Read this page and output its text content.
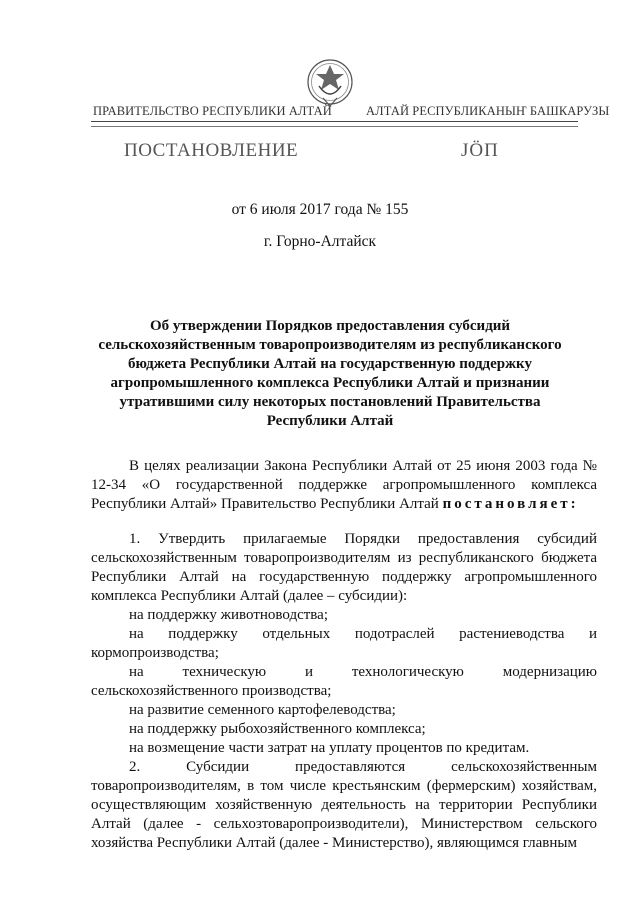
ПРАВИТЕЛЬСТВО РЕСПУБЛИКИ АЛТАЙ	АЛТАЙ РЕСПУБЛИКАНЫҤ БАШКАРУЗЫ
ПОСТАНОВЛЕНИЕ	JӦП
от 6 июля 2017 года № 155
г. Горно-Алтайск
Об утверждении Порядков предоставления субсидий сельскохозяйственным товаропроизводителям из республиканского бюджета Республики Алтай на государственную поддержку агропромышленного комплекса Республики Алтай и признании утратившими силу некоторых постановлений Правительства Республики Алтай

В целях реализации Закона Республики Алтай от 25 июня 2003 года № 12-34 «О государственной поддержке агропромышленного комплекса Республики Алтай» Правительство Республики Алтай постановляет:

1. Утвердить прилагаемые Порядки предоставления субсидий сельскохозяйственным товаропроизводителям из республиканского бюджета Республики Алтай на государственную поддержку агропромышленного комплекса Республики Алтай (далее – субсидии):

на поддержку животноводства;

на поддержку отдельных подотраслей растениеводства и кормопроизводства;

на техническую и технологическую модернизацию сельскохозяйственного производства;

на развитие семенного картофелеводства;

на поддержку рыбохозяйственного комплекса;

на возмещение части затрат на уплату процентов по кредитам.

2. Субсидии предоставляются сельскохозяйственным товаропроизводителям, в том числе крестьянским (фермерским) хозяйствам, осуществляющим хозяйственную деятельность на территории Республики Алтай (далее - сельхозтоваропроизводители), Министерством сельского хозяйства Республики Алтай (далее - Министерство), являющимся главным
